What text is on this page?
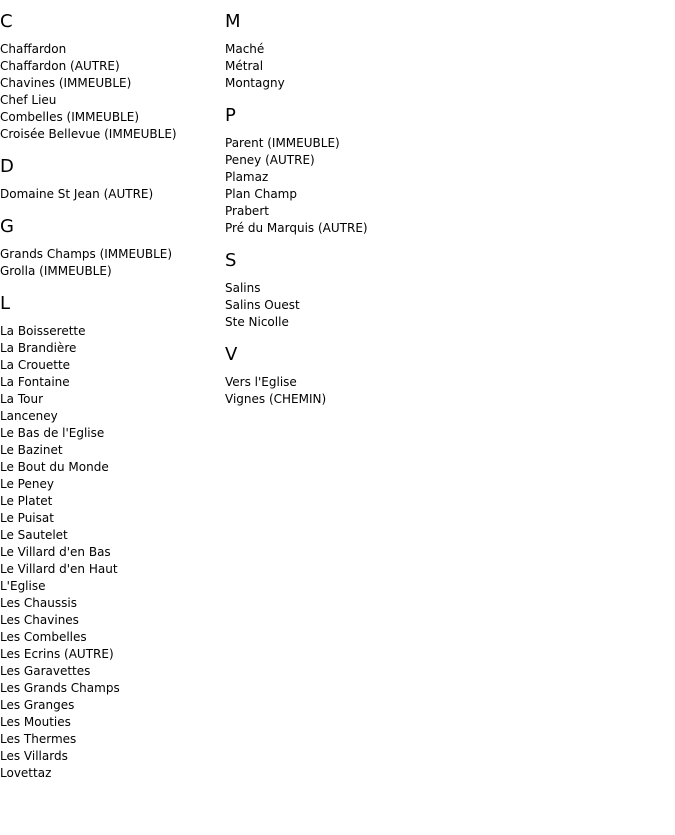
C
Chaffardon
Chaffardon (AUTRE)
Chavines (IMMEUBLE)
Chef Lieu
Combelles (IMMEUBLE)
Croisée Bellevue (IMMEUBLE)
D
Domaine St Jean (AUTRE)
G
Grands Champs (IMMEUBLE)
Grolla (IMMEUBLE)
L
La Boisserette
La Brandière
La Crouette
La Fontaine
La Tour
Lanceney
Le Bas de l'Eglise
Le Bazinet
Le Bout du Monde
Le Peney
Le Platet
Le Puisat
Le Sautelet
Le Villard d'en Bas
Le Villard d'en Haut
L'Eglise
Les Chaussis
Les Chavines
Les Combelles
Les Ecrins (AUTRE)
Les Garavettes
Les Grands Champs
Les Granges
Les Mouties
Les Thermes
Les Villards
Lovettaz
M
Maché
Métral
Montagny
P
Parent (IMMEUBLE)
Peney (AUTRE)
Plamaz
Plan Champ
Prabert
Pré du Marquis (AUTRE)
S
Salins
Salins Ouest
Ste Nicolle
V
Vers l'Eglise
Vignes (CHEMIN)
